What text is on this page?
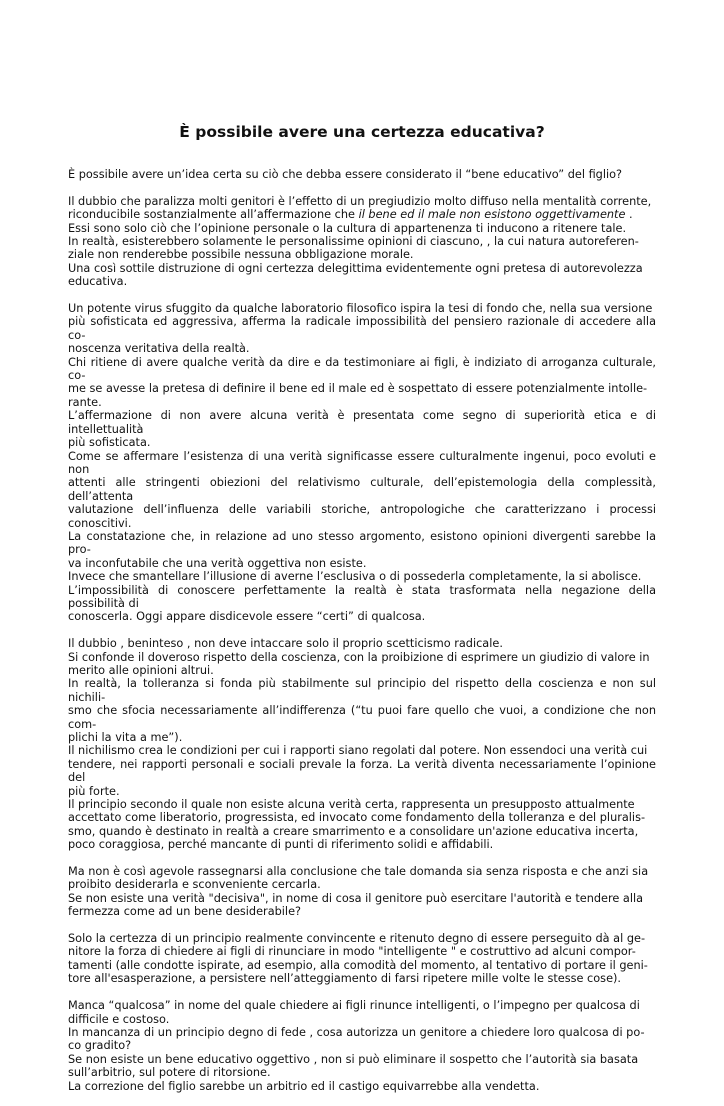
È possibile avere una certezza educativa?
È possibile avere un’idea certa su ciò che debba essere considerato il “bene educativo” del figlio?
Il dubbio che paralizza molti genitori è l’effetto di un pregiudizio molto diffuso nella mentalità corrente,
riconducibile sostanzialmente all’affermazione che il bene ed il male non esistono oggettivamente .
Essi sono solo ciò che l’opinione personale o la cultura di appartenenza ti inducono a ritenere tale.
In realtà, esisterebbero solamente le personalissime opinioni di ciascuno, , la cui natura autoreferen-
ziale non renderebbe possibile nessuna obbligazione morale.
Una così sottile distruzione di ogni certezza delegittima evidentemente ogni pretesa di autorevolezza
educativa.
Un potente virus sfuggito da qualche laboratorio filosofico ispira la tesi di fondo che, nella sua versione
più sofisticata ed aggressiva, afferma la radicale impossibilità del pensiero razionale di accedere alla co-
noscenza veritativa della realtà.
Chi ritiene di avere qualche verità da dire e da testimoniare ai figli, è indiziato di arroganza culturale, co-
me se avesse la pretesa di definire il bene ed il male ed è sospettato di essere potenzialmente intolle-
rante.
L’affermazione di non avere alcuna verità è presentata come segno di superiorità etica e di intellettualità
più sofisticata.
Come se affermare l’esistenza di una verità significasse essere culturalmente ingenui, poco evoluti e non
attenti alle stringenti obiezioni del relativismo culturale, dell’epistemologia della complessità, dell’attenta
valutazione dell’influenza delle variabili storiche, antropologiche che caratterizzano i processi conoscitivi.
La constatazione che, in relazione ad uno stesso argomento, esistono opinioni divergenti sarebbe la pro-
va inconfutabile che una verità oggettiva non esiste.
Invece che smantellare l’illusione di averne l’esclusiva o di possederla completamente, la si abolisce.
L’impossibilità di conoscere perfettamente la realtà è stata trasformata nella negazione della possibilità di
conoscerla. Oggi appare disdicevole essere “certi” di qualcosa.
Il dubbio , beninteso , non deve intaccare solo il proprio scetticismo radicale.
Si confonde il doveroso rispetto della coscienza, con la proibizione di esprimere un giudizio di valore in
merito alle opinioni altrui.
In realtà, la tolleranza si fonda più stabilmente sul principio del rispetto della coscienza e non sul nichili-
smo che sfocia necessariamente all’indifferenza (“tu puoi fare quello che vuoi, a condizione che non com-
plichi la vita a me”).
Il nichilismo crea le condizioni per cui i rapporti siano regolati dal potere. Non essendoci una verità cui
tendere, nei rapporti personali e sociali prevale la forza. La verità diventa necessariamente l’opinione del
più forte.
Il principio secondo il quale non esiste alcuna verità certa, rappresenta un presupposto attualmente
accettato come liberatorio, progressista, ed invocato come fondamento della tolleranza e del pluralis-
smo, quando è destinato in realtà a creare smarrimento e a consolidare un'azione educativa incerta,
poco coraggiosa, perché mancante di punti di riferimento solidi e affidabili.
Ma non è così agevole rassegnarsi alla conclusione che tale domanda sia senza risposta e che anzi sia
proibito desiderarla e sconveniente cercarla.
Se non esiste una verità "decisiva", in nome di cosa il genitore può esercitare l'autorità e tendere alla
fermezza come ad un bene desiderabile?
Solo la certezza di un principio realmente convincente e ritenuto degno di essere perseguito dà al ge-
nitore la forza di chiedere ai figli di rinunciare in modo "intelligente " e costruttivo ad alcuni compor-
tamenti (alle condotte ispirate, ad esempio, alla comodità del momento, al tentativo di portare il geni-
tore all'esasperazione, a persistere nell’atteggiamento di farsi ripetere mille volte le stesse cose).
Manca “qualcosa” in nome del quale chiedere ai figli rinunce intelligenti, o l’impegno per qualcosa di
difficile e costoso.
In mancanza di un principio degno di fede , cosa autorizza un genitore a chiedere loro qualcosa di po-
co gradito?
Se non esiste un bene educativo oggettivo , non si può eliminare il sospetto che l’autorità sia basata
sull’arbitrio, sul potere di ritorsione.
La correzione del figlio sarebbe un arbitrio ed il castigo equivarrebbe alla vendetta.
